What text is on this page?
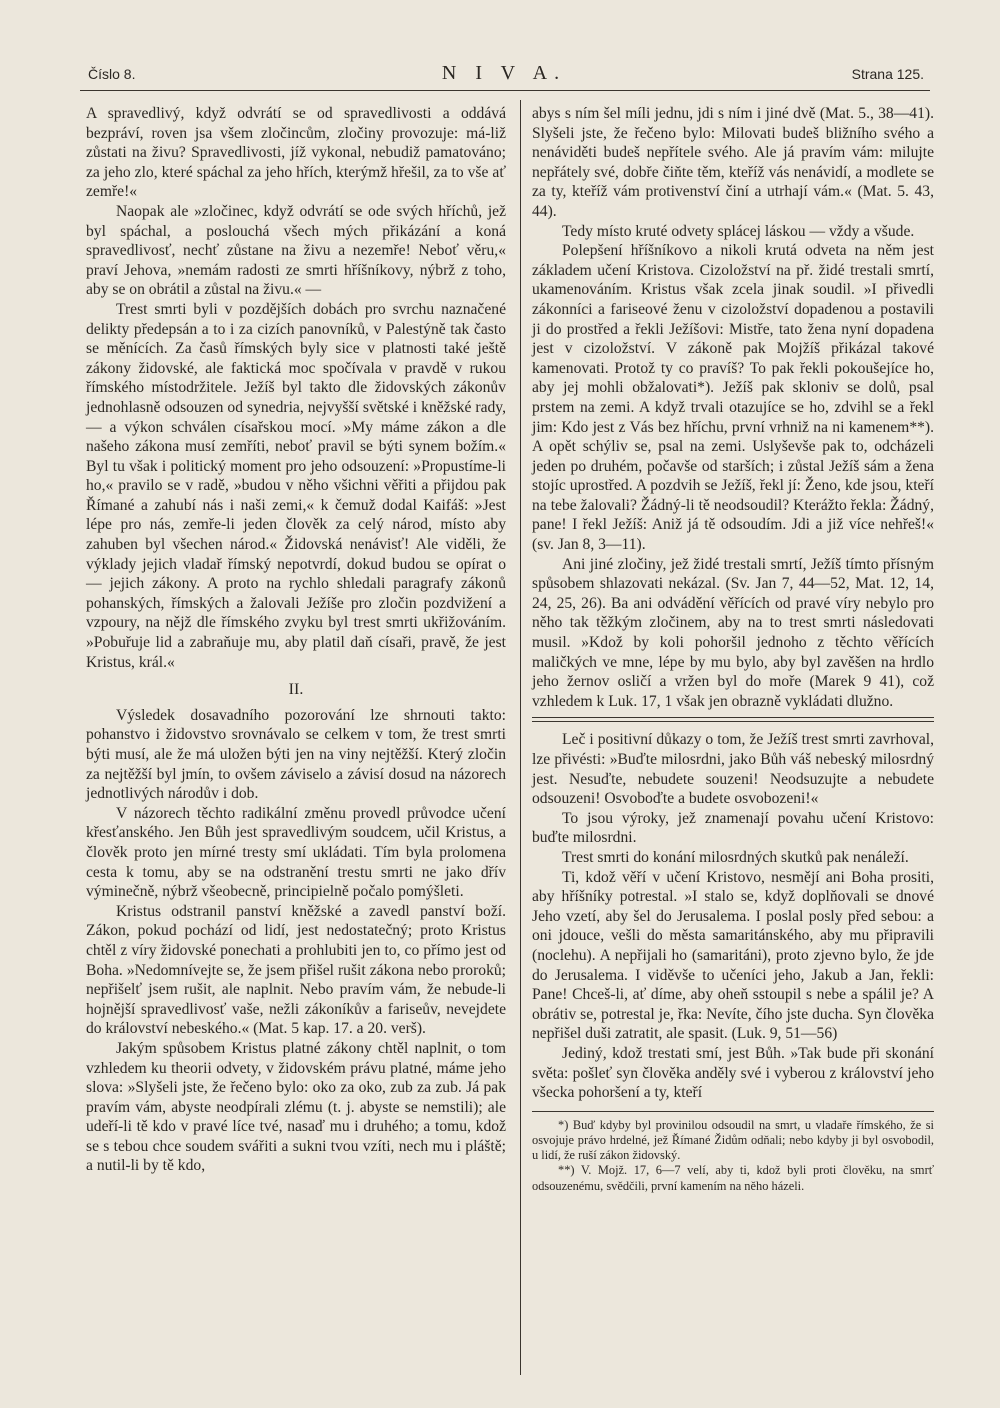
Číslo 8.	N I V A.	Strana 125.

A spravedlivý, když odvrátí se od spravedlivosti a oddává bezpráví, roven jsa všem zločincům, zločiny provozuje: má-liž zůstati na živu? Spravedlivosti, jíž vykonal, nebudiž pamatováno; za jeho zlo, které spáchal za jeho hřích, kterýmž hřešil, za to vše ať zemře!«

Naopak ale »zločinec, když odvrátí se ode svých hříchů, jež byl spáchal, a poslouchá všech mých přikázání a koná spravedlivosť, nechť zůstane na živu a nezemře! Neboť věru,« praví Jehova, »nemám radosti ze smrti hříšníkovy, nýbrž z toho, aby se on obrátil a zůstal na živu.« —

Trest smrti byli v pozdějších dobách pro svrchu naznačené delikty předepsán a to i za cizích panovníků, v Palestýně tak často se měnících. Za časů římských byly sice v platnosti také ještě zákony židovské, ale faktická moc spočívala v pravdě v rukou římského místodržitele. Ježíš byl takto dle židovských zákonův jednohlasně odsouzen od synedria, nejvyšší světské i kněžské rady, — a výkon schválen císařskou mocí. »My máme zákon a dle našeho zákona musí zemříti, neboť pravil se býti synem božím.« Byl tu však i politický moment pro jeho odsouzení: »Propustíme-li ho,« pravilo se v radě, »budou v něho všichni věřiti a přijdou pak Římané a zahubí nás i naši zemi,« k čemuž dodal Kaifáš: »Jest lépe pro nás, zemře-li jeden člověk za celý národ, místo aby zahuben byl všechen národ.« Židovská nenávisť! Ale viděli, že výklady jejich vladař římský nepotvrdí, dokud budou se opírat o — jejich zákony. A proto na rychlo shledali paragrafy zákonů pohanských, římských a žalovali Ježíše pro zločin pozdvižení a vzpoury, na nějž dle římského zvyku byl trest smrti ukřižováním. »Pobuřuje lid a zabraňuje mu, aby platil daň císaři, pravě, že jest Kristus, král.«

II.

Výsledek dosavadního pozorování lze shrnouti takto: pohanstvo i židovstvo srovnávalo se celkem v tom, že trest smrti býti musí, ale že má uložen býti jen na viny nejtěžší. Který zločin za nejtěžší byl jmín, to ovšem záviselo a závisí dosud na názorech jednotlivých národův i dob.

V názorech těchto radikální změnu provedl průvodce učení křesťanského. Jen Bůh jest spravedlivým soudcem, učil Kristus, a člověk proto jen mírné tresty smí ukládati. Tím byla prolomena cesta k tomu, aby se na odstranění trestu smrti ne jako dřív výminečně, nýbrž všeobecně, principielně počalo pomýšleti.

Kristus odstranil panství kněžské a zavedl panství boží. Zákon, pokud pochází od lidí, jest nedostatečný; proto Kristus chtěl z víry židovské ponechati a prohlubiti jen to, co přímo jest od Boha. »Nedomnívejte se, že jsem přišel rušit zákona nebo proroků; nepřišelť jsem rušit, ale naplnit. Nebo pravím vám, že nebude-li hojnější spravedlivosť vaše, nežli zákoníkův a fariseův, nevejdete do království nebeského.« (Mat. 5 kap. 17. a 20. verš).

Jakým spůsobem Kristus platné zákony chtěl naplnit, o tom vzhledem ku theorii odvety, v židovském právu platné, máme jeho slova: »Slyšeli jste, že řečeno bylo: oko za oko, zub za zub. Já pak pravím vám, abyste neodpírali zlému (t. j. abyste se nemstili); ale udeří-li tě kdo v pravé líce tvé, nasaď mu i druhého; a tomu, kdož se s tebou chce soudem svářiti a sukni tvou vzíti, nech mu i pláště; a nutil-li by tě kdo,

abys s ním šel míli jednu, jdi s ním i jiné dvě (Mat. 5., 38—41). Slyšeli jste, že řečeno bylo: Milovati budeš bližního svého a nenáviděti budeš nepřítele svého. Ale já pravím vám: milujte nepřátely své, dobře čiňte těm, kteříž vás nenávidí, a modlete se za ty, kteříž vám protivenství činí a utrhají vám.« (Mat. 5. 43, 44).

Tedy místo kruté odvety splácej láskou — vždy a všude.

Polepšení hříšníkovo a nikoli krutá odveta na něm jest základem učení Kristova. Cizoložství na př. židé trestali smrtí, ukamenováním. Kristus však zcela jinak soudil. »I přivedli zákonníci a fariseové ženu v cizoložství dopadenou a postavili ji do prostřed a řekli Ježíšovi: Mistře, tato žena nyní dopadena jest v cizoložství. V zákoně pak Mojžíš přikázal takové kamenovati. Protož ty co pravíš? To pak řekli pokoušejíce ho, aby jej mohli obžalovati*). Ježíš pak skloniv se dolů, psal prstem na zemi. A když trvali otazujíce se ho, zdvihl se a řekl jim: Kdo jest z Vás bez hříchu, první vrhniž na ni kamenem**). A opět schýliv se, psal na zemi. Uslyševše pak to, odcházeli jeden po druhém, počavše od starších; i zůstal Ježíš sám a žena stojíc uprostřed. A pozdvih se Ježíš, řekl jí: Ženo, kde jsou, kteří na tebe žalovali? Žádný-li tě neodsoudil? Kterážto řekla: Žádný, pane! I řekl Ježíš: Aniž já tě odsoudím. Jdi a již více nehřeš!« (sv. Jan 8, 3—11).

Ani jiné zločiny, jež židé trestali smrtí, Ježíš tímto přísným spůsobem shlazovati nekázal. (Sv. Jan 7, 44—52, Mat. 12, 14, 24, 25, 26). Ba ani odvádění věřících od pravé víry nebylo pro něho tak těžkým zločinem, aby na to trest smrti následovati musil. »Kdož by koli pohoršil jednoho z těchto věřících maličkých ve mne, lépe by mu bylo, aby byl zavěšen na hrdlo jeho žernov osličí a vržen byl do moře (Marek 9 41), což vzhledem k Luk. 17, 1 však jen obrazně vykládati dlužno.

Leč i positivní důkazy o tom, že Ježíš trest smrti zavrhoval, lze přivésti: »Buďte milosrdni, jako Bůh váš nebeský milosrdný jest. Nesuďte, nebudete souzeni! Neodsuzujte a nebudete odsouzeni! Osvoboďte a budete osvobozeni!«

To jsou výroky, jež znamenají povahu učení Kristovo: buďte milosrdni.

Trest smrti do konání milosrdných skutků pak nenáleží.

Ti, kdož věří v učení Kristovo, nesmějí ani Boha prositi, aby hříšníky potrestal. »I stalo se, když doplňovali se dnové Jeho vzetí, aby šel do Jerusalema. I poslal posly před sebou: a oni jdouce, vešli do města samaritánského, aby mu připravili (noclehu). A nepřijali ho (samaritáni), proto zjevno bylo, že jde do Jerusalema. I viděvše to učeníci jeho, Jakub a Jan, řekli: Pane! Chceš-li, ať díme, aby oheň sstoupil s nebe a spálil je? A obrátiv se, potrestal je, řka: Nevíte, čího jste ducha. Syn člověka nepřišel duši zatratit, ale spasit. (Luk. 9, 51—56)

Jediný, kdož trestati smí, jest Bůh. »Tak bude při skonání světa: pošleť syn člověka anděly své i vyberou z království jeho všecka pohoršení a ty, kteří

*) Buď kdyby byl provinilou odsoudil na smrt, u vladaře římského, že si osvojuje právo hrdelné, jež Římané Židům odňali; nebo kdyby ji byl osvobodil, u lidí, že ruší zákon židovský.

**) V. Mojž. 17, 6—7 velí, aby ti, kdož byli proti člověku, na smrť odsouzenému, svědčili, první kamením na něho házeli.
